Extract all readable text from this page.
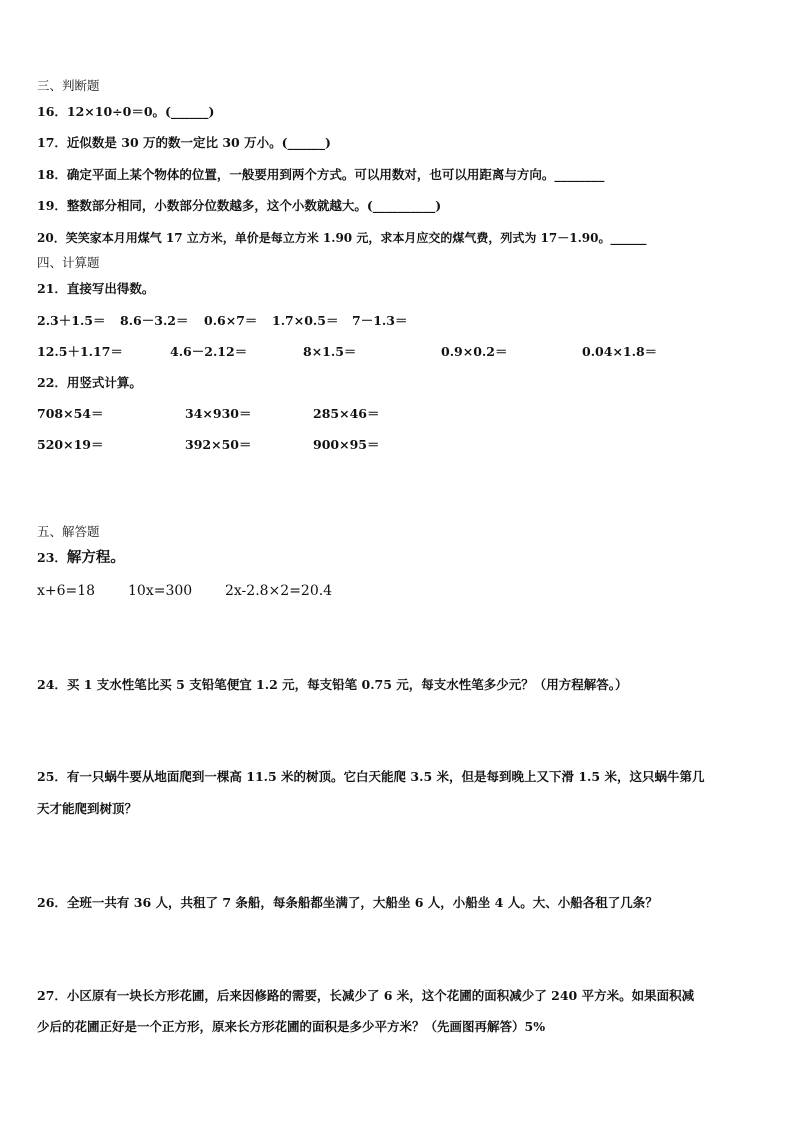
三、判断题
16．12×10÷0＝0。(______)
17．近似数是 30 万的数一定比 30 万小。(______)
18．确定平面上某个物体的位置，一般要用到两个方式。可以用数对，也可以用距离与方向。________
19．整数部分相同，小数部分位数越多，这个小数就越大。(__________)
20．笑笑家本月用煤气 17 立方米，单价是每立方米 1.90 元，求本月应交的煤气费，列式为 17－1.90。______
四、计算题
21．直接写出得数。
2.3＋1.5＝ 8.6－3.2＝ 0.6×7＝ 1.7×0.5＝ 7－1.3＝
12.5＋1.17＝	4.6－2.12＝	8×1.5＝	0.9×0.2＝	0.04×1.8＝
22．用竖式计算。
708×54＝	34×930＝	285×46＝
520×19＝	392×50＝	900×95＝
五、解答题
23．解方程。
x+6=18 10x=300 2x-2.8×2=20.4
24．买 1 支水性笔比买 5 支铅笔便宜 1.2 元，每支铅笔 0.75 元，每支水性笔多少元？（用方程解答。）
25．有一只蜗牛要从地面爬到一棵高 11.5 米的树顶。它白天能爬 3.5 米，但是每到晚上又下滑 1.5 米，这只蜗牛第几
天才能爬到树顶？
26．全班一共有 36 人，共租了 7 条船，每条船都坐满了，大船坐 6 人，小船坐 4 人。大、小船各租了几条？
27．小区原有一块长方形花圃，后来因修路的需要，长减少了 6 米，这个花圃的面积减少了 240 平方米。如果面积减
少后的花圃正好是一个正方形，原来长方形花圃的面积是多少平方米？（先画图再解答）5%
